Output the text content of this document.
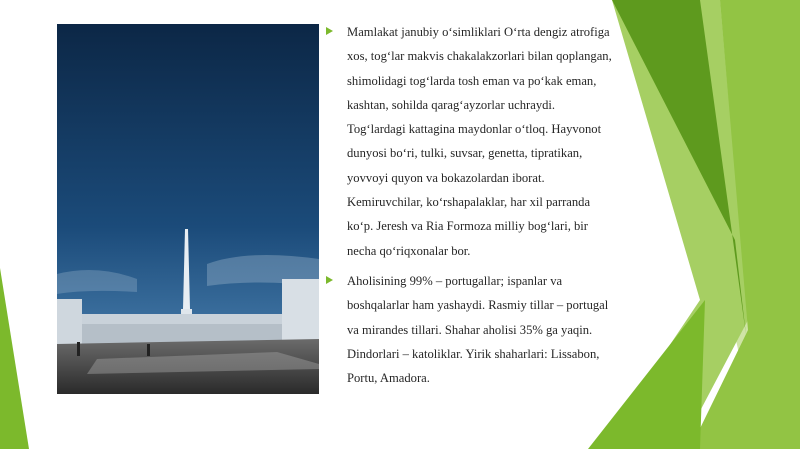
Mamlakat janubiy oʻsimliklari Oʻrta dengiz atrofiga xos, togʻlar makvis chakalakzorlari bilan qoplangan, shimolidagi togʻlarda tosh eman va poʻkak eman, kashtan, sohilda qaragʻayzorlar uchraydi. Togʻlardagi kattagina maydonlar oʻtloq. Hayvonot dunyosi boʻri, tulki, suvsar, genetta, tipratikan, yovvoyi quyon va bokazolardan iborat. Kemiruvchilar, koʻrshapalaklar, har xil parranda koʻp. Jeresh va Ria Formoza milliy bogʻlari, bir necha qoʻriqxonalar bor.
Aholisining 99% – portugallar; ispanlar va boshqalarlar ham yashaydi. Rasmiy tillar – portugal va mirandes tillari. Shahar aholisi 35% ga yaqin. Dindorlari – katoliklar. Yirik shaharlari: Lissabon, Portu, Amadora.
